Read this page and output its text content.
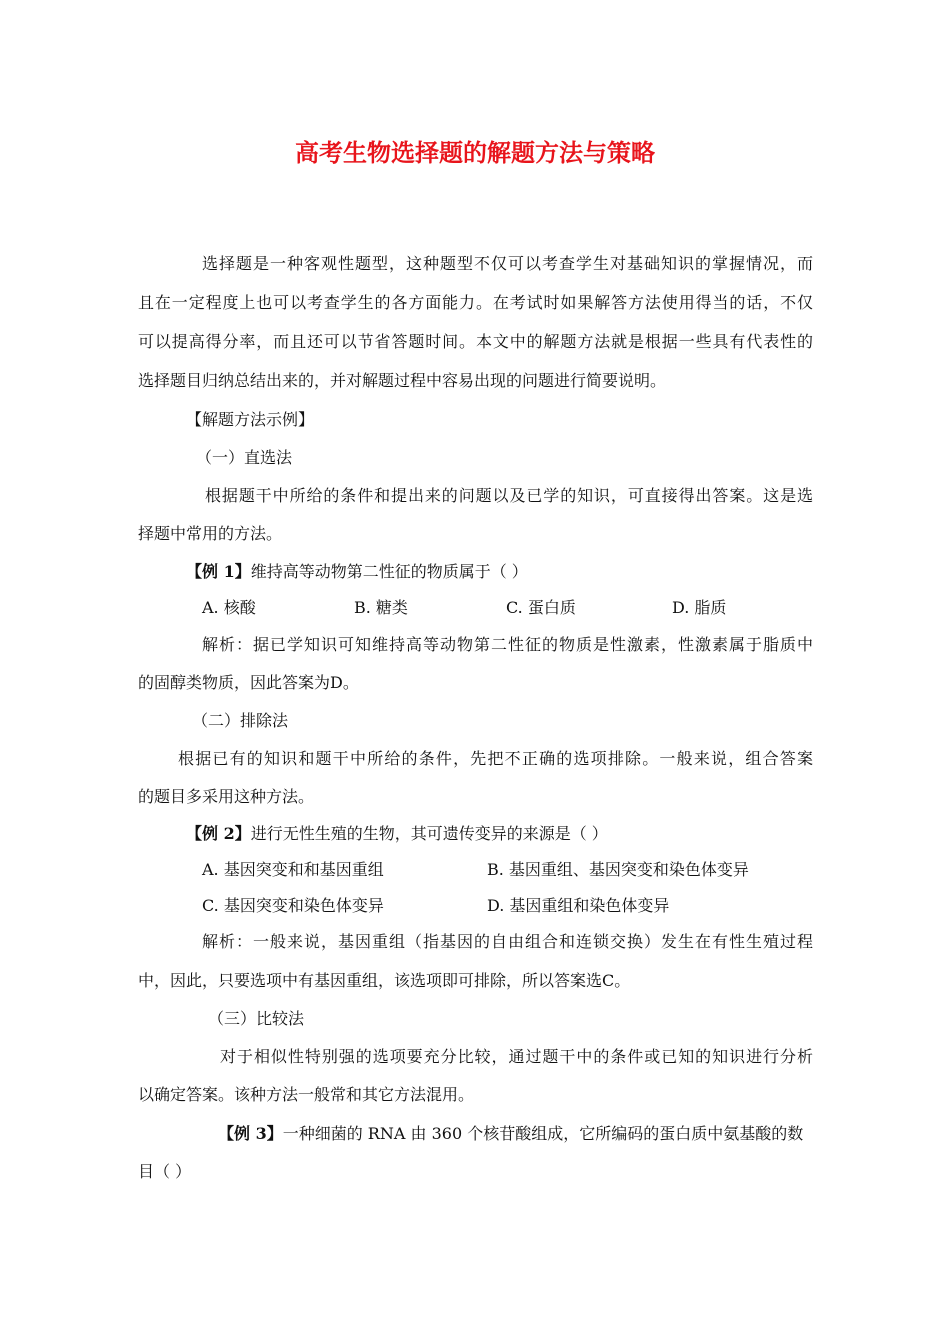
高考生物选择题的解题方法与策略
选择题是一种客观性题型，这种题型不仅可以考查学生对基础知识的掌握情况，而
且在一定程度上也可以考查学生的各方面能力。在考试时如果解答方法使用得当的话，不仅
可以提高得分率，而且还可以节省答题时间。本文中的解题方法就是根据一些具有代表性的
选择题目归纳总结出来的，并对解题过程中容易出现的问题进行简要说明。
【解题方法示例】
（一）直选法
根据题干中所给的条件和提出来的问题以及已学的知识，可直接得出答案。这是选
择题中常用的方法。
【例 1】维持高等动物第二性征的物质属于（ ）
A. 核酸	B. 糖类	C. 蛋白质	D. 脂质
解析：据已学知识可知维持高等动物第二性征的物质是性激素，性激素属于脂质中
的固醇类物质，因此答案为D。
（二）排除法
根据已有的知识和题干中所给的条件，先把不正确的选项排除。一般来说，组合答案
的题目多采用这种方法。
【例 2】进行无性生殖的生物，其可遗传变异的来源是（ ）
A. 基因突变和和基因重组	B. 基因重组、基因突变和染色体变异
C. 基因突变和染色体变异	D. 基因重组和染色体变异
解析：一般来说，基因重组（指基因的自由组合和连锁交换）发生在有性生殖过程
中，因此，只要选项中有基因重组，该选项即可排除，所以答案选C。
（三）比较法
对于相似性特别强的选项要充分比较，通过题干中的条件或已知的知识进行分析
以确定答案。该种方法一般常和其它方法混用。
【例 3】一种细菌的 RNA 由 360 个核苷酸组成，它所编码的蛋白质中氨基酸的数
目（ ）
